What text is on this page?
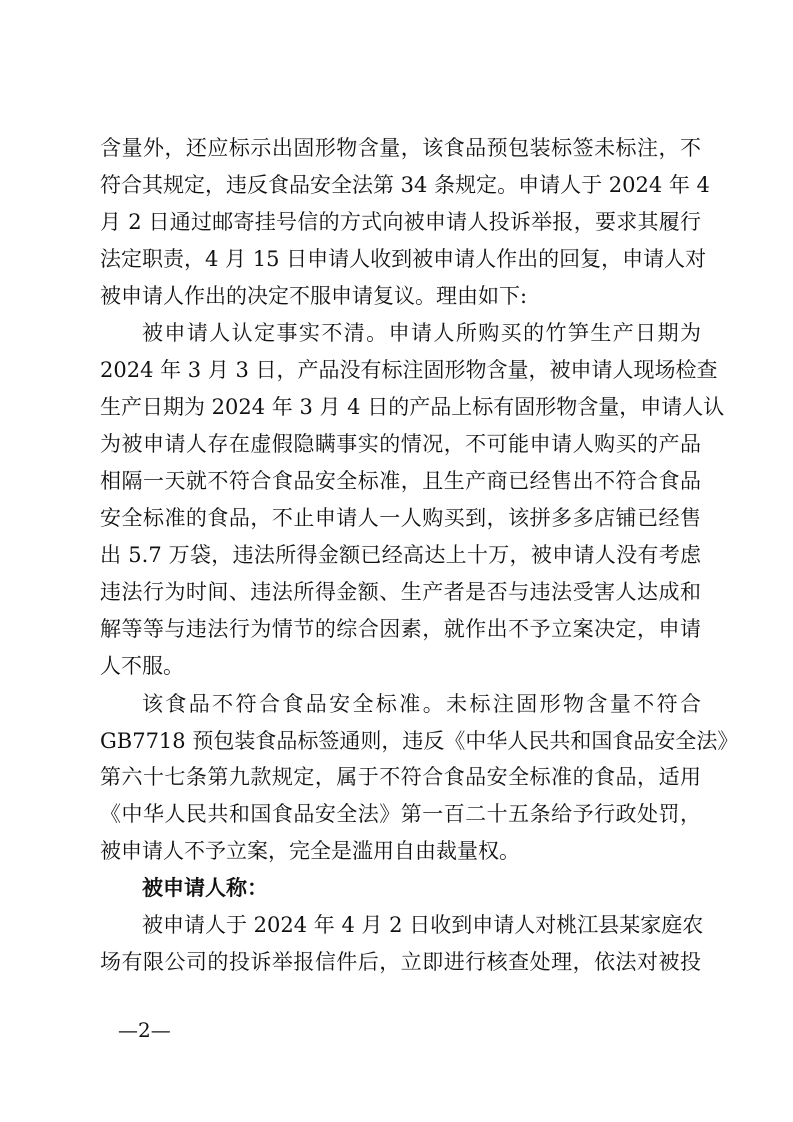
含量外，还应标示出固形物含量，该食品预包装标签未标注，不
符合其规定，违反食品安全法第 34 条规定。申请人于 2024 年 4
月 2 日通过邮寄挂号信的方式向被申请人投诉举报，要求其履行
法定职责，4 月 15 日申请人收到被申请人作出的回复，申请人对
被申请人作出的决定不服申请复议。理由如下:
被申请人认定事实不清。申请人所购买的竹笋生产日期为
2024 年 3 月 3 日，产品没有标注固形物含量，被申请人现场检查
生产日期为 2024 年 3 月 4 日的产品上标有固形物含量，申请人认
为被申请人存在虚假隐瞒事实的情况，不可能申请人购买的产品
相隔一天就不符合食品安全标准，且生产商已经售出不符合食品
安全标准的食品，不止申请人一人购买到，该拼多多店铺已经售
出 5.7 万袋，违法所得金额已经高达上十万，被申请人没有考虑
违法行为时间、违法所得金额、生产者是否与违法受害人达成和
解等等与违法行为情节的综合因素，就作出不予立案决定，申请
人不服。
该食品不符合食品安全标准。未标注固形物含量不符合
GB7718 预包装食品标签通则，违反《中华人民共和国食品安全法》
第六十七条第九款规定，属于不符合食品安全标准的食品，适用
《中华人民共和国食品安全法》第一百二十五条给予行政处罚，
被申请人不予立案，完全是滥用自由裁量权。
被申请人称：
被申请人于 2024 年 4 月 2 日收到申请人对桃江县某家庭农
场有限公司的投诉举报信件后，立即进行核查处理，依法对被投
—2—
